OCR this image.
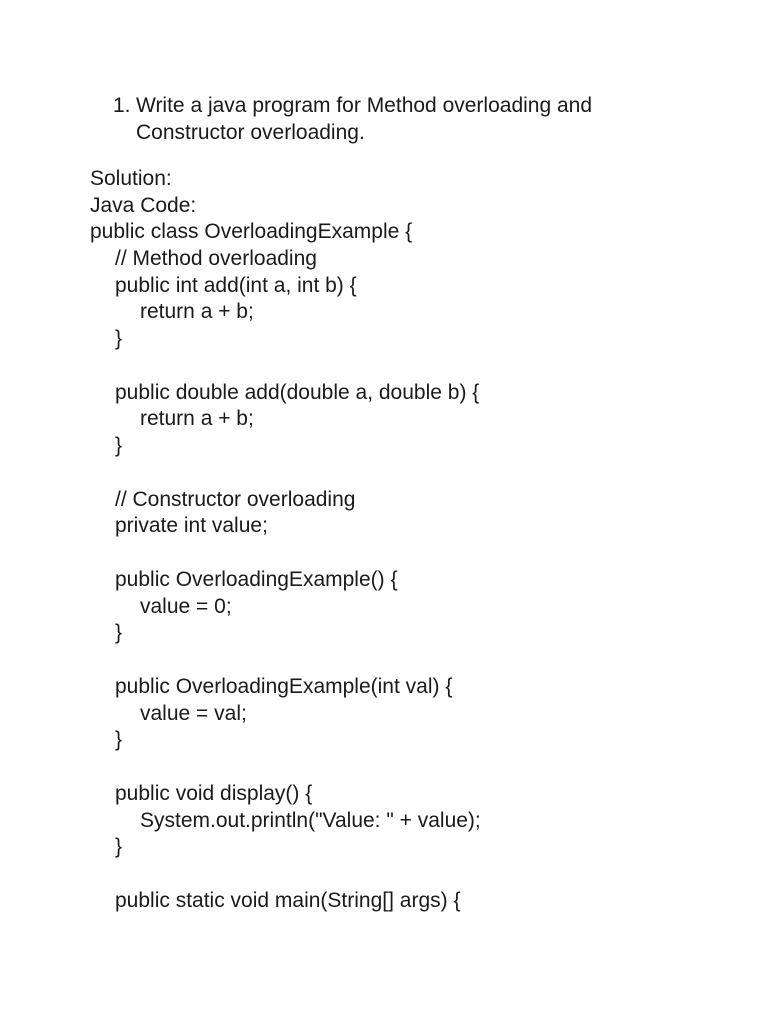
1. Write a java program for Method overloading and
Constructor overloading.
Solution:
Java Code:
public class OverloadingExample {
// Method overloading
public int add(int a, int b) {
return a + b;
}
public double add(double a, double b) {
return a + b;
}
// Constructor overloading
private int value;
public OverloadingExample() {
value = 0;
}
public OverloadingExample(int val) {
value = val;
}
public void display() {
System.out.println("Value: " + value);
}
public static void main(String[] args) {
